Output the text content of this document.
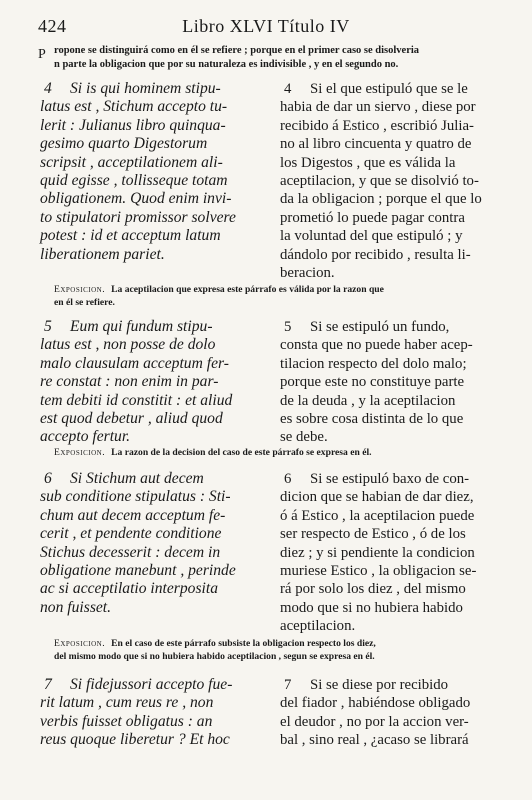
424	Libro XLVI Título IV
P ropone se distinguirá como en él se refiere ; porque en el primer caso se disolveria
n parte la obligacion que por su naturaleza es indivisible , y en el segundo no.
4 Si is qui hominem stipu-
latus est , Stichum accepto tu-
lerit : Julianus libro quinqua-
gesimo quarto Digestorum
scripsit , acceptilationem ali-
quid egisse , tollisseque totam
obligationem. Quod enim invi-
to stipulatori promissor solvere
potest : id et acceptum latum
liberationem pariet.
4 Si el que estipuló que se le
habia de dar un siervo , diese por
recibido á Estico , escribió Julia-
no al libro cincuenta y quatro de
los Digestos , que es válida la
aceptilacion, y que se disolvió to-
da la obligacion ; porque el que lo
prometió lo puede pagar contra
la voluntad del que estipuló ; y
dándolo por recibido , resulta li-
beracion.
Exposicion. La aceptilacion que expresa este párrafo es válida por la razon que
en él se refiere.
5 Eum qui fundum stipu-
latus est , non posse de dolo
malo clausulam acceptum fer-
re constat : non enim in par-
tem debiti id constitit : et aliud
est quod debetur , aliud quod
accepto fertur.
5 Si se estipuló un fundo,
consta que no puede haber acep-
tilacion respecto del dolo malo;
porque este no constituye parte
de la deuda , y la aceptilacion
es sobre cosa distinta de lo que
se debe.
Exposicion. La razon de la decision del caso de este párrafo se expresa en él.
6 Si Stichum aut decem
sub conditione stipulatus : Sti-
chum aut decem acceptum fe-
cerit , et pendente conditione
Stichus decesserit : decem in
obligatione manebunt , perinde
ac si acceptilatio interposita
non fuisset.
6 Si se estipuló baxo de con-
dicion que se habian de dar diez,
ó á Estico , la aceptilacion puede
ser respecto de Estico , ó de los
diez ; y si pendiente la condicion
muriese Estico , la obligacion se-
rá por solo los diez , del mismo
modo que si no hubiera habido
aceptilacion.
Exposicion. En el caso de este párrafo subsiste la obligacion respecto los diez,
del mismo modo que si no hubiera habido aceptilacion , segun se expresa en él.
7 Si fidejussori accepto fue-
rit latum , cum reus re , non
verbis fuisset obligatus : an
reus quoque liberetur ? Et hoc
7 Si se diese por recibido
del fiador , habiéndose obligado
el deudor , no por la accion ver-
bal , sino real , ¿acaso se librará
